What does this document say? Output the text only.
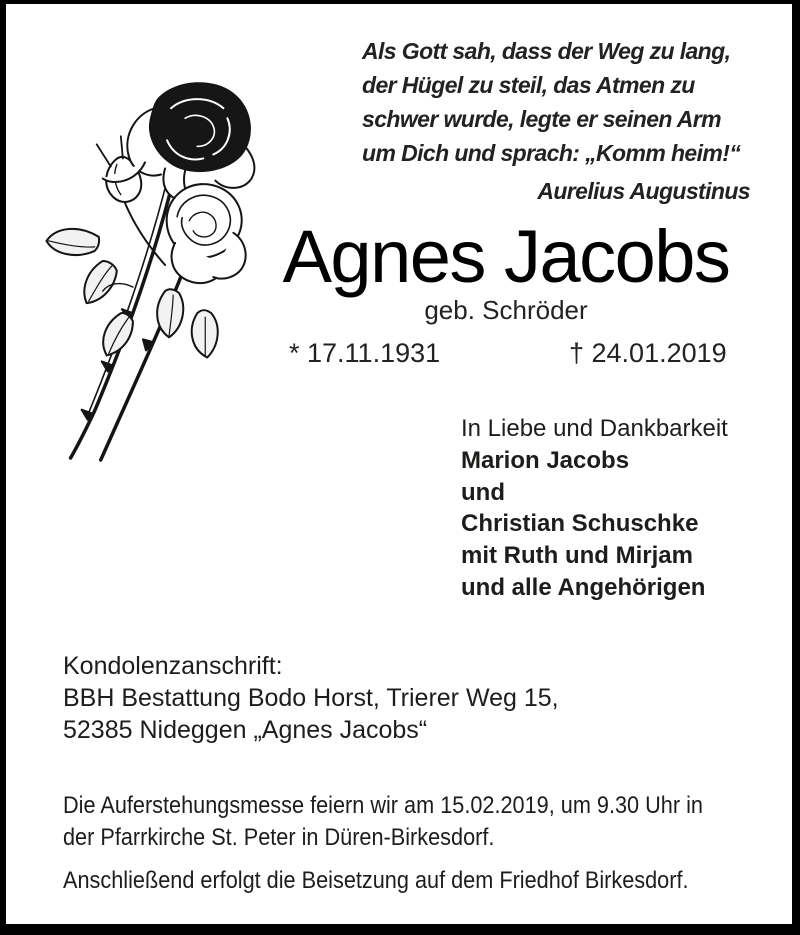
Als Gott sah, dass der Weg zu lang,
der Hügel zu steil, das Atmen zu
schwer wurde, legte er seinen Arm
um Dich und sprach: „Komm heim!“
Aurelius Augustinus
Agnes Jacobs
geb. Schröder
* 17.11.1931	† 24.01.2019
In Liebe und Dankbarkeit
Marion Jacobs
und
Christian Schuschke
mit Ruth und Mirjam
und alle Angehörigen
Kondolenzanschrift:
BBH Bestattung Bodo Horst, Trierer Weg 15,
52385 Nideggen „Agnes Jacobs“
Die Auferstehungsmesse feiern wir am 15.02.2019, um 9.30 Uhr in
der Pfarrkirche St. Peter in Düren-Birkesdorf.
Anschließend erfolgt die Beisetzung auf dem Friedhof Birkesdorf.
